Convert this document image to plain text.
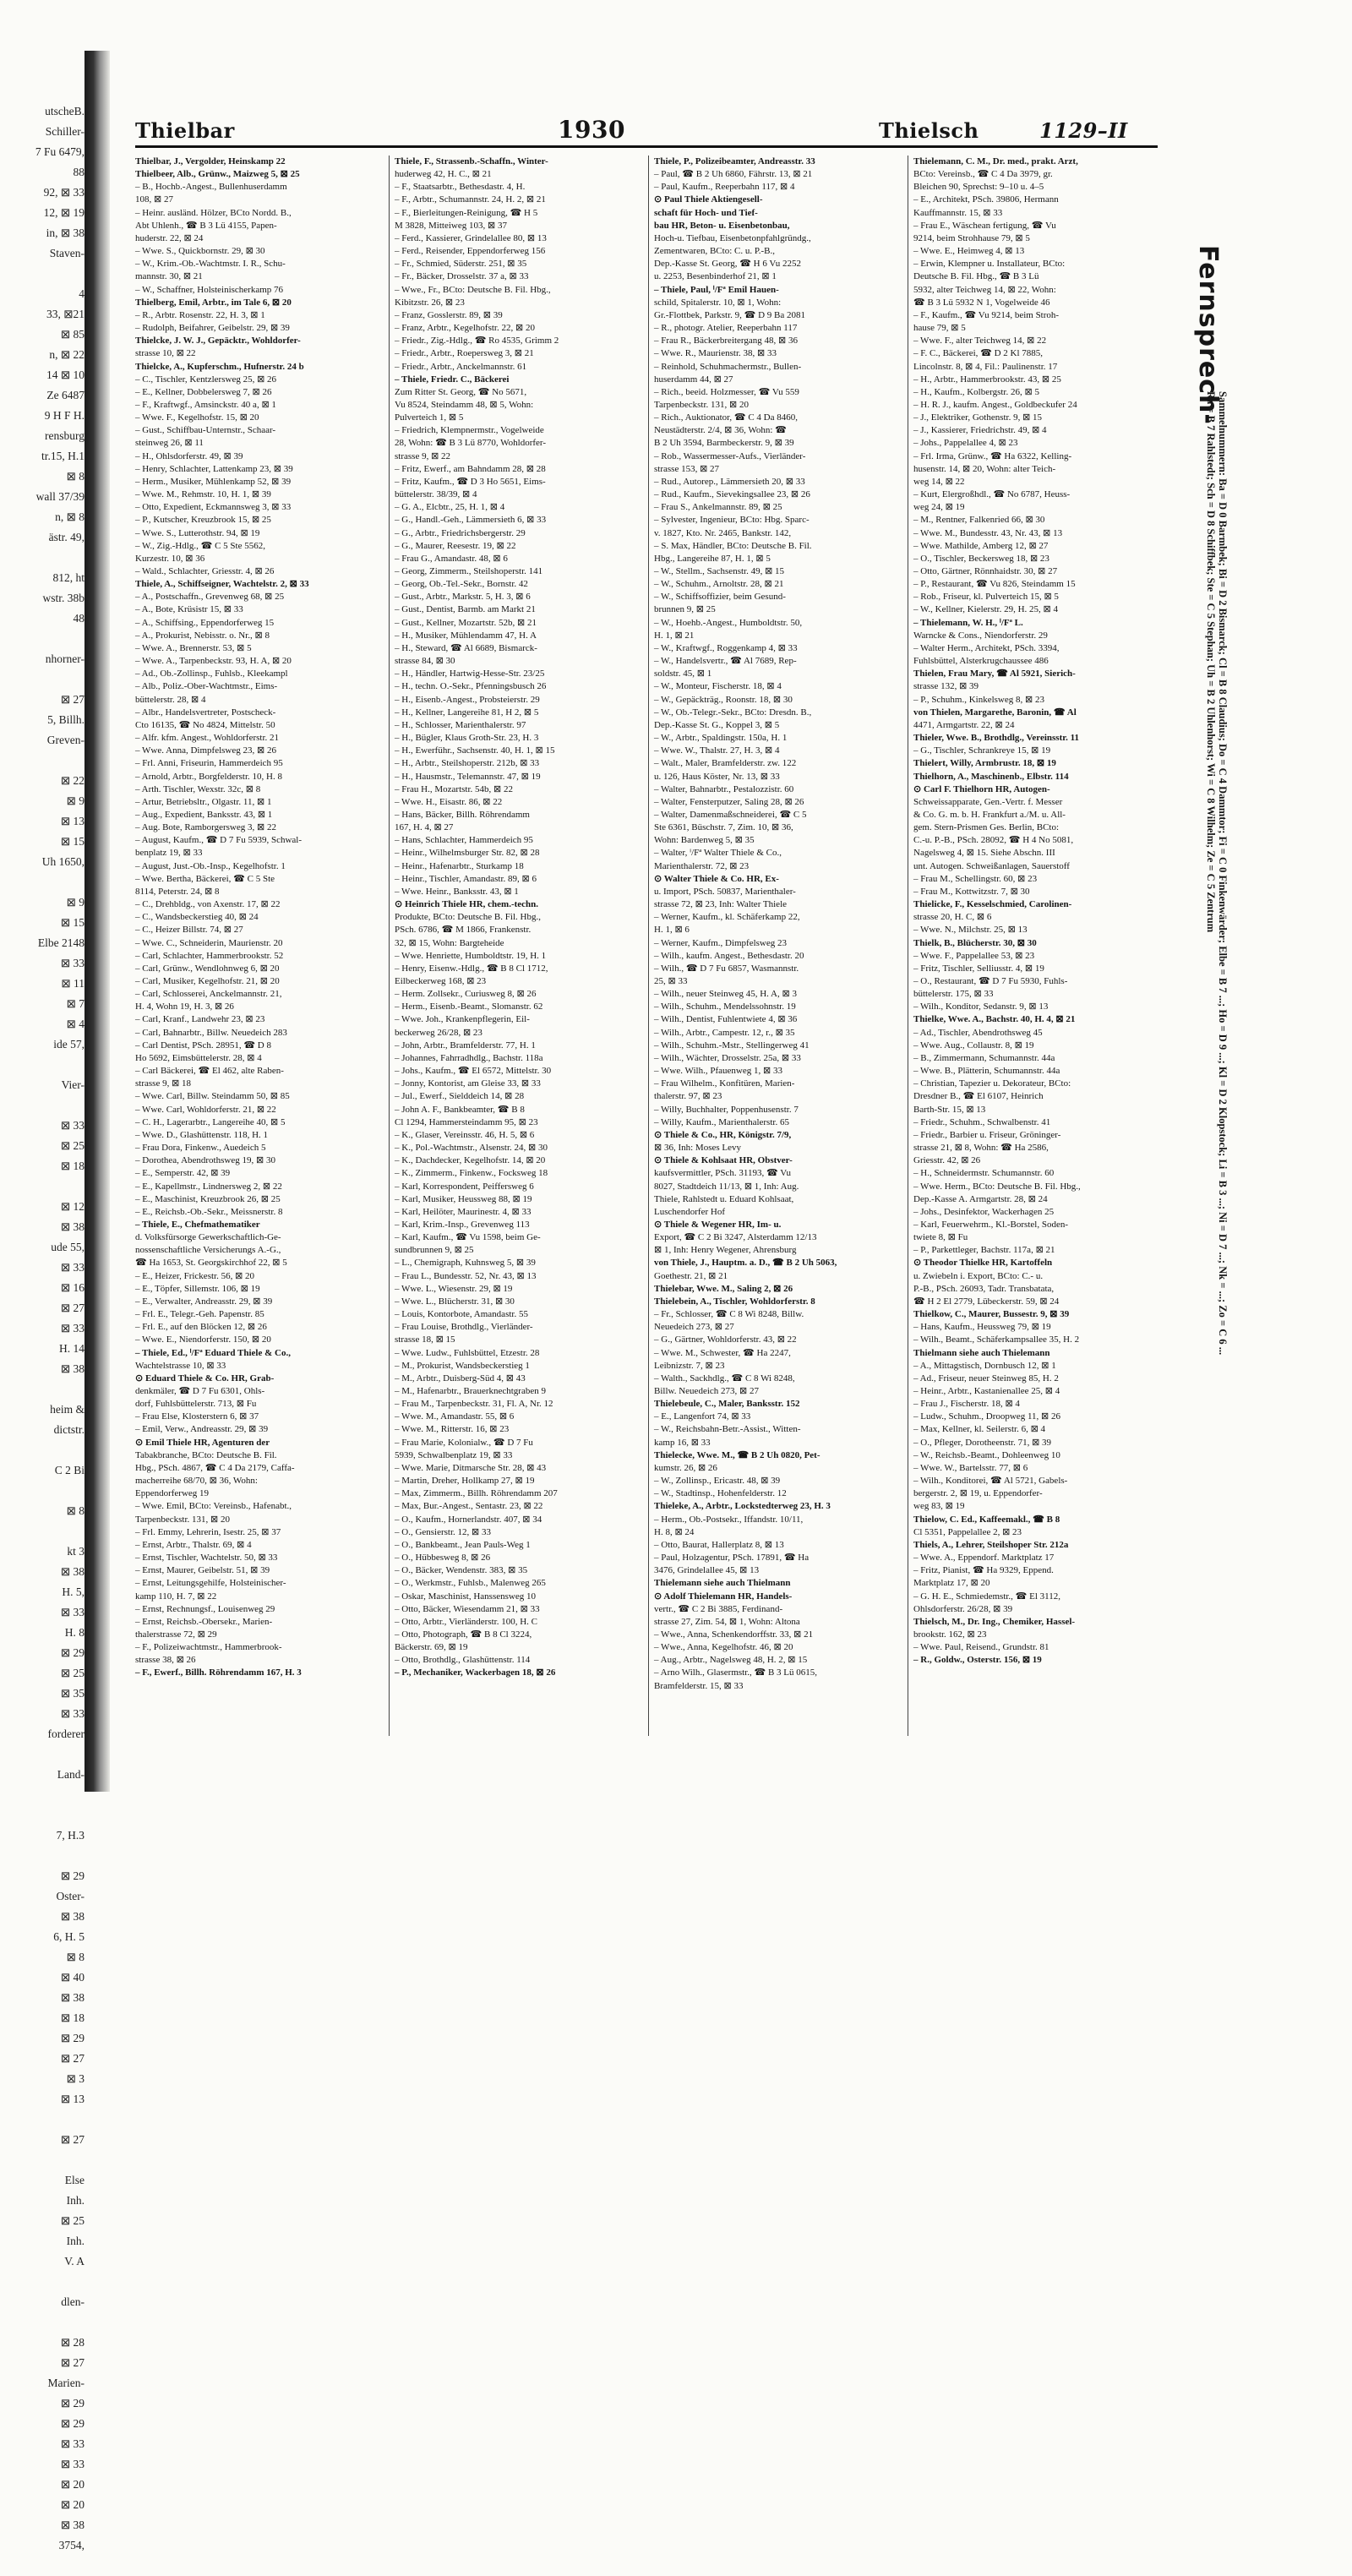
utscheB.
Schiller-
7 Fu 6479,
88
92, ⊠ 33
12, ⊠ 19
in, ⊠ 38
Staven-

4
33, ⊠21
⊠ 85
n, ⊠ 22
14 ⊠ 10
Ze 6487
9 H F H.
rensburg
tr.15, H.1
⊠ 8
wall 37/39
n, ⊠ 8
ästr. 49,

812, ht
wstr. 38b
48

nhorner-

⊠ 27
5, Billh.
Greven-

⊠ 22
⊠ 9
⊠ 13
⊠ 15
Uh 1650,

⊠ 9
⊠ 15
Elbe 2148
⊠ 33
⊠ 11
⊠ 7
⊠ 4
ide 57,

Vier-

⊠ 33
⊠ 25
⊠ 18

⊠ 12
⊠ 38
ude 55,
⊠ 33
⊠ 16
⊠ 27
⊠ 33
H. 14
⊠ 38

heim &
dictstr.

C 2 Bi

⊠ 8

kt 3
⊠ 38
H. 5,
⊠ 33
H. 8
⊠ 29
⊠ 25
⊠ 35
⊠ 33
forderer

Land-

7, H.3

⊠ 29
Oster-
⊠ 38
6, H. 5
⊠ 8
⊠ 40
⊠ 38
⊠ 18
⊠ 29
⊠ 27
⊠ 3
⊠ 13

⊠ 27

Else
Inh.
⊠ 25
Inh.
V. A

dlen-

⊠ 28
⊠ 27
Marien-
⊠ 29
⊠ 29
⊠ 33
⊠ 33
⊠ 20
⊠ 20
⊠ 38
3754,

Thielbar	1930	Thielsch	1129–II
Thielbar, J., Vergolder, Heinskamp 22
Thielbeer, Alb., Grünw., Maizweg 5, ⊠ 25
– B., Hochb.-Angest., Bullenhuserdamm
108, ⊠ 27
– Heinr. ausländ. Hölzer, BCto Nordd. B.,
Abt Uhlenh., ☎ B 3 Lü 4155, Papen-
huderstr. 22, ⊠ 24
– Wwe. S., Quickbornstr. 29, ⊠ 30
– W., Krim.-Ob.-Wachtmstr. I. R., Schu-
mannstr. 30, ⊠ 21
– W., Schaffner, Holsteinischerkamp 76
Thielberg, Emil, Arbtr., im Tale 6, ⊠ 20
– R., Arbtr. Rosenstr. 22, H. 3, ⊠ 1
– Rudolph, Beifahrer, Geibelstr. 29, ⊠ 39
Thielcke, J. W. J., Gepäcktr., Wohldorfer-
strasse 10, ⊠ 22
Thielcke, A., Kupferschm., Hufnerstr. 24 b
– C., Tischler, Kentzlersweg 25, ⊠ 26
– E., Kellner, Dobbelersweg 7, ⊠ 26
– F., Kraftwgf., Amsinckstr. 40 a, ⊠ 1
– Wwe. F., Kegelhofstr. 15, ⊠ 20
– Gust., Schiffbau-Unternstr., Schaar-
steinweg 26, ⊠ 11
– H., Ohlsdorferstr. 49, ⊠ 39
– Henry, Schlachter, Lattenkamp 23, ⊠ 39
– Herm., Musiker, Mühlenkamp 52, ⊠ 39
– Wwe. M., Rehmstr. 10, H. 1, ⊠ 39
– Otto, Expedient, Eckmannsweg 3, ⊠ 33
– P., Kutscher, Kreuzbrook 15, ⊠ 25
– Wwe. S., Lutterothstr. 94, ⊠ 19
– W., Zig.-Hdlg., ☎ C 5 Ste 5562,
Kurzestr. 10, ⊠ 36
– Wald., Schlachter, Griesstr. 4, ⊠ 26
Thiele, A., Schiffseigner, Wachtelstr. 2, ⊠ 33
– A., Postschaffn., Grevenweg 68, ⊠ 25
– A., Bote, Krüsistr 15, ⊠ 33
– A., Schiffsing., Eppendorferweg 15
– A., Prokurist, Nebisstr. o. Nr., ⊠ 8
– Wwe. A., Brennerstr. 53, ⊠ 5
– Wwe. A., Tarpenbeckstr. 93, H. A, ⊠ 20
– Ad., Ob.-Zollinsp., Fuhlsb., Kleekampl
– Alb., Poliz.-Ober-Wachtmstr., Eims-
büttelerstr. 28, ⊠ 4
– Albr., Handelsvertreter, Postscheck-
Cto 16135, ☎ No 4824, Mittelstr. 50
– Alfr. kfm. Angest., Wohldorferstr. 21
– Wwe. Anna, Dimpfelsweg 23, ⊠ 26
– Frl. Anni, Friseurin, Hammerdeich 95
– Arnold, Arbtr., Borgfelderstr. 10, H. 8
– Arth. Tischler, Wexstr. 32c, ⊠ 8
– Artur, Betriebsltr., Olgastr. 11, ⊠ 1
– Aug., Expedient, Banksstr. 43, ⊠ 1
– Aug. Bote, Ramborgersweg 3, ⊠ 22
– August, Kaufm., ☎ D 7 Fu 5939, Schwal-
benplatz 19, ⊠ 33
– August, Just.-Ob.-Insp., Kegelhofstr. 1
– Wwe. Bertha, Bäckerei, ☎ C 5 Ste
8114, Peterstr. 24, ⊠ 8
– C., Drehbldg., von Axenstr. 17, ⊠ 22
– C., Wandsbeckerstieg 40, ⊠ 24
– C., Heizer Billstr. 74, ⊠ 27
– Wwe. C., Schneiderin, Maurienstr. 20
– Carl, Schlachter, Hammerbrookstr. 52
– Carl, Grünw., Wendlohnweg 6, ⊠ 20
– Carl, Musiker, Kegelhofstr. 21, ⊠ 20
– Carl, Schlosserei, Anckelmannstr. 21,
H. 4, Wohn 19, H. 3, ⊠ 26
– Carl, Kranf., Landwehr 23, ⊠ 23
– Carl, Bahnarbtr., Billw. Neuedeich 283
– Carl Dentist, PSch. 28951, ☎ D 8
Ho 5692, Eimsbüttelerstr. 28, ⊠ 4
– Carl Bäckerei, ☎ El 462, alte Raben-
strasse 9, ⊠ 18
– Wwe. Carl, Billw. Steindamm 50, ⊠ 85
– Wwe. Carl, Wohldorferstr. 21, ⊠ 22
– C. H., Lagerarbtr., Langereihe 40, ⊠ 5
– Wwe. D., Glashüttenstr. 118, H. 1
– Frau Dora, Finkenw., Auedeich 5
– Dorothea, Abendrothsweg 19, ⊠ 30
– E., Semperstr. 42, ⊠ 39
– E., Kapellmstr., Lindnersweg 2, ⊠ 22
– E., Maschinist, Kreuzbrook 26, ⊠ 25
– E., Reichsb.-Ob.-Sekr., Meissnerstr. 8
– Thiele, E., Chefmathematiker
d. Volksfürsorge Gewerkschaftlich-Ge-
nossenschaftliche Versicherungs A.-G.,
☎ Ha 1653, St. Georgskirchhof 22, ⊠ 5
– E., Heizer, Frickestr. 56, ⊠ 20
– E., Töpfer, Sillemstr. 106, ⊠ 19
– E., Verwalter, Andreasstr. 29, ⊠ 39
– Frl. E., Telegr.-Geh. Papenstr. 85
– Frl. E., auf den Blöcken 12, ⊠ 26
– Wwe. E., Niendorferstr. 150, ⊠ 20
– Thiele, Ed., ⁱ/Fª Eduard Thiele & Co.,
Wachtelstrasse 10, ⊠ 33
⊙ Eduard Thiele & Co. HR, Grab-
denkmäler, ☎ D 7 Fu 6301, Ohls-
dorf, Fuhlsbüttelerstr. 713, ⊠ Fu
– Frau Else, Klosterstern 6, ⊠ 37
– Emil, Verw., Andreasstr. 29, ⊠ 39
⊙ Emil Thiele HR, Agenturen der
Tabakbranche, BCto: Deutsche B. Fil.
Hbg., PSch. 4867, ☎ C 4 Da 2179, Caffa-
macherreihe 68/70, ⊠ 36, Wohn:
Eppendorferweg 19
– Wwe. Emil, BCto: Vereinsb., Hafenabt.,
Tarpenbeckstr. 131, ⊠ 20
– Frl. Emmy, Lehrerin, Isestr. 25, ⊠ 37
– Ernst, Arbtr., Thalstr. 69, ⊠ 4
– Ernst, Tischler, Wachtelstr. 50, ⊠ 33
– Ernst, Maurer, Geibelstr. 51, ⊠ 39
– Ernst, Leitungsgehilfe, Holsteinischer-
kamp 110, H. 7, ⊠ 22
– Ernst, Rechnungsf., Louisenweg 29
– Ernst, Reichsb.-Obersekr., Marien-
thalerstrasse 72, ⊠ 29
– F., Polizeiwachtmstr., Hammerbrook-
strasse 38, ⊠ 26
– F., Ewerf., Billh. Röhrendamm 167, H. 3
Thiele, F., Strassenb.-Schaffn., Winter-
huderweg 42, H. C., ⊠ 21
– F., Staatsarbtr., Bethesdastr. 4, H.
– F., Arbtr., Schumannstr. 24, H. 2, ⊠ 21
– F., Bierleitungen-Reinigung, ☎ H 5
M 3828, Mitteiweg 103, ⊠ 37
– Ferd., Kassierer, Grindelallee 80, ⊠ 13
– Ferd., Reisender, Eppendorferweg 156
– Fr., Schmied, Süderstr. 251, ⊠ 35
– Fr., Bäcker, Drosselstr. 37 a, ⊠ 33
– Wwe., Fr., BCto: Deutsche B. Fil. Hbg.,
Kibitzstr. 26, ⊠ 23
– Franz, Gosslerstr. 89, ⊠ 39
– Franz, Arbtr., Kegelhofstr. 22, ⊠ 20
– Friedr., Zig.-Hdlg., ☎ Ro 4535, Grimm 2
– Friedr., Arbtr., Roepersweg 3, ⊠ 21
– Friedr., Arbtr., Anckelmannstr. 61
– Thiele, Friedr. C., Bäckerei
Zum Ritter St. Georg, ☎ No 5671,
Vu 8524, Steindamm 48, ⊠ 5, Wohn:
Pulverteich 1, ⊠ 5
– Friedrich, Klempnermstr., Vogelweide
28, Wohn: ☎ B 3 Lü 8770, Wohldorfer-
strasse 9, ⊠ 22
– Fritz, Ewerf., am Bahndamm 28, ⊠ 28
– Fritz, Kaufm., ☎ D 3 Ho 5651, Eims-
büttelerstr. 38/39, ⊠ 4
– G. A., Elcbtr., 25, H. 1, ⊠ 4
– G., Handl.-Geh., Lämmersieth 6, ⊠ 33
– G., Arbtr., Friedrichsbergerstr. 29
– G., Maurer, Reesestr. 19, ⊠ 22
– Frau G., Amandastr. 48, ⊠ 6
– Georg, Zimmerm., Steilshoperstr. 141
– Georg, Ob.-Tel.-Sekr., Bornstr. 42
– Gust., Arbtr., Markstr. 5, H. 3, ⊠ 6
– Gust., Dentist, Barmb. am Markt 21
– Gust., Kellner, Mozartstr. 52b, ⊠ 21
– H., Musiker, Mühlendamm 47, H. A
– H., Steward, ☎ Al 6689, Bismarck-
strasse 84, ⊠ 30
– H., Händler, Hartwig-Hesse-Str. 23/25
– H., techn. O.-Sekr., Pfenningsbusch 26
– H., Eisenb.-Angest., Probsteierstr. 29
– H., Kellner, Langereihe 81, H 2, ⊠ 5
– H., Schlosser, Marienthalerstr. 97
– H., Bügler, Klaus Groth-Str. 23, H. 3
– H., Ewerführ., Sachsenstr. 40, H. 1, ⊠ 15
– H., Arbtr., Steilshoperstr. 212b, ⊠ 33
– H., Hausmstr., Telemannstr. 47, ⊠ 19
– Frau H., Mozartstr. 54b, ⊠ 22
– Wwe. H., Eisastr. 86, ⊠ 22
– Hans, Bäcker, Billh. Röhrendamm
167, H. 4, ⊠ 27
– Hans, Schlachter, Hammerdeich 95
– Heinr., Wilhelmsburger Str. 82, ⊠ 28
– Heinr., Hafenarbtr., Sturkamp 18
– Heinr., Tischler, Amandastr. 89, ⊠ 6
– Wwe. Heinr., Banksstr. 43, ⊠ 1
⊙ Heinrich Thiele HR, chem.-techn.
Produkte, BCto: Deutsche B. Fil. Hbg.,
PSch. 6786, ☎ M 1866, Frankenstr.
32, ⊠ 15, Wohn: Bargteheide
– Wwe. Henriette, Humboldtstr. 19, H. 1
– Henry, Eisenw.-Hdlg., ☎ B 8 Cl 1712,
Eilbeckerweg 168, ⊠ 23
– Herm. Zollsekr., Curiusweg 8, ⊠ 26
– Herm., Eisenb.-Beamt., Slomanstr. 62
– Wwe. Joh., Krankenpflegerin, Eil-
beckerweg 26/28, ⊠ 23
– John, Arbtr., Bramfelderstr. 77, H. 1
– Johannes, Fahrradhdlg., Bachstr. 118a
– Johs., Kaufm., ☎ El 6572, Mittelstr. 30
– Jonny, Kontorist, am Gleise 33, ⊠ 33
– Jul., Ewerf., Sielddeich 14, ⊠ 28
– John A. F., Bankbeamter, ☎ B 8
Cl 1294, Hammersteindamm 95, ⊠ 23
– K., Glaser, Vereinsstr. 46, H. 5, ⊠ 6
– K., Pol.-Wachtmstr., Alsenstr. 24, ⊠ 30
– K., Dachdecker, Kegelhofstr. 14, ⊠ 20
– K., Zimmerm., Finkenw., Focksweg 18
– Karl, Korrespondent, Peiffersweg 6
– Karl, Musiker, Heussweg 88, ⊠ 19
– Karl, Heilöter, Maurinestr. 4, ⊠ 33
– Karl, Krim.-Insp., Grevenweg 113
– Karl, Kaufm., ☎ Vu 1598, beim Ge-
sundbrunnen 9, ⊠ 25
– L., Chemigraph, Kuhnsweg 5, ⊠ 39
– Frau L., Bundesstr. 52, Nr. 43, ⊠ 13
– Wwe. L., Wiesenstr. 29, ⊠ 19
– Wwe. L., Blücherstr. 31, ⊠ 30
– Louis, Kontorbote, Amandastr. 55
– Frau Louise, Brothdlg., Vierländer-
strasse 18, ⊠ 15
– Wwe. Ludw., Fuhlsbüttel, Etzestr. 28
– M., Prokurist, Wandsbeckerstieg 1
– M., Arbtr., Duisberg-Süd 4, ⊠ 43
– M., Hafenarbtr., Brauerknechtgraben 9
– Frau M., Tarpenbeckstr. 31, Fl. A, Nr. 12
– Wwe. M., Amandastr. 55, ⊠ 6
– Wwe. M., Ritterstr. 16, ⊠ 23
– Frau Marie, Kolonialw., ☎ D 7 Fu
5939, Schwalbenplatz 19, ⊠ 33
– Wwe. Marie, Ditmarsche Str. 28, ⊠ 43
– Martin, Dreher, Hollkamp 27, ⊠ 19
– Max, Zimmerm., Billh. Röhrendamm 207
– Max, Bur.-Angest., Sentastr. 23, ⊠ 22
– O., Kaufm., Hornerlandstr. 407, ⊠ 34
– O., Gensierstr. 12, ⊠ 33
– O., Bankbeamt., Jean Pauls-Weg 1
– O., Hübbesweg 8, ⊠ 26
– O., Bäcker, Wendenstr. 383, ⊠ 35
– O., Werkmstr., Fuhlsb., Malenweg 265
– Oskar, Maschinist, Hanssensweg 10
– Otto, Bäcker, Wiesendamm 21, ⊠ 33
– Otto, Arbtr., Vierländerstr. 100, H. C
– Otto, Photograph, ☎ B 8 Cl 3224,
Bäckerstr. 69, ⊠ 19
– Otto, Brothdlg., Glashüttenstr. 114
– P., Mechaniker, Wackerbagen 18, ⊠ 26
Thiele, P., Polizeibeamter, Andreasstr. 33
– Paul, ☎ B 2 Uh 6860, Fährstr. 13, ⊠ 21
– Paul, Kaufm., Reeperbahn 117, ⊠ 4
⊙ Paul Thiele Aktiengesell-
schaft für Hoch- und Tief-
bau HR, Beton- u. Eisenbetonbau,
Hoch-u. Tiefbau, Eisenbetonpfahlgründg.,
Zementwaren, BCto: C. u. P.-B.,
Dep.-Kasse St. Georg, ☎ H 6 Vu 2252
u. 2253, Besenbinderhof 21, ⊠ 1
– Thiele, Paul, ⁱ/Fª Emil Hauen-
schild, Spitalerstr. 10, ⊠ 1, Wohn:
Gr.-Flottbek, Parkstr. 9, ☎ D 9 Ba 2081
– R., photogr. Atelier, Reeperbahn 117
– Frau R., Bäckerbreitergang 48, ⊠ 36
– Wwe. R., Maurienstr. 38, ⊠ 33
– Reinhold, Schuhmachermstr., Bullen-
huserdamm 44, ⊠ 27
– Rich., beeid. Holzmesser, ☎ Vu 559
Tarpenbeckstr. 131, ⊠ 20
– Rich., Auktionator, ☎ C 4 Da 8460,
Neustädterstr. 2/4, ⊠ 36, Wohn: ☎
B 2 Uh 3594, Barmbeckerstr. 9, ⊠ 39
– Rob., Wassermesser-Aufs., Vierländer-
strasse 153, ⊠ 27
– Rud., Autorep., Lämmersieth 20, ⊠ 33
– Rud., Kaufm., Sievekingsallee 23, ⊠ 26
– Frau S., Ankelmannstr. 89, ⊠ 25
– Sylvester, Ingenieur, BCto: Hbg. Sparc-
v. 1827, Kto. Nr. 2465, Bankstr. 142,
– S. Max, Händler, BCto: Deutsche B. Fil.
Hbg., Langereihe 87, H. 1, ⊠ 5
– W., Stellm., Sachsenstr. 49, ⊠ 15
– W., Schuhm., Arnoltstr. 28, ⊠ 21
– W., Schiffsoffizier, beim Gesund-
brunnen 9, ⊠ 25
– W., Hoehb.-Angest., Humboldtstr. 50,
H. 1, ⊠ 21
– W., Kraftwgf., Roggenkamp 4, ⊠ 33
– W., Handelsvertr., ☎ Al 7689, Rep-
soldstr. 45, ⊠ 1
– W., Monteur, Fischerstr. 18, ⊠ 4
– W., Gepäckträg., Roonstr. 18, ⊠ 30
– W., Ob.-Telegr.-Sekr., BCto: Dresdn. B.,
Dep.-Kasse St. G., Koppel 3, ⊠ 5
– W., Arbtr., Spaldingstr. 150a, H. 1
– Wwe. W., Thalstr. 27, H. 3, ⊠ 4
– Walt., Maler, Bramfelderstr. zw. 122
u. 126, Haus Köster, Nr. 13, ⊠ 33
– Walter, Bahnarbtr., Pestalozzistr. 60
– Walter, Fensterputzer, Saling 28, ⊠ 26
– Walter, Damenmaßschneiderei, ☎ C 5
Ste 6361, Büschstr. 7, Zim. 10, ⊠ 36,
Wohn: Bardenweg 5, ⊠ 35
– Walter, ⁱ/Fª Walter Thiele & Co.,
Marienthalerstr. 72, ⊠ 23
⊙ Walter Thiele & Co. HR, Ex-
u. Import, PSch. 50837, Marienthaler-
strasse 72, ⊠ 23, Inh: Walter Thiele
– Werner, Kaufm., kl. Schäferkamp 22,
H. 1, ⊠ 6
– Werner, Kaufm., Dimpfelsweg 23
– Wilh., kaufm. Angest., Bethesdastr. 20
– Wilh., ☎ D 7 Fu 6857, Wasmannstr.
25, ⊠ 33
– Wilh., neuer Steinweg 45, H. A, ⊠ 3
– Wilh., Schuhm., Mendelssohnstr. 19
– Wilh., Dentist, Fuhlentwiete 4, ⊠ 36
– Wilh., Arbtr., Campestr. 12, r., ⊠ 35
– Wilh., Schuhm.-Mstr., Stellingerweg 41
– Wilh., Wächter, Drosselstr. 25a, ⊠ 33
– Wwe. Wilh., Pfauenweg 1, ⊠ 33
– Frau Wilhelm., Konfitüren, Marien-
thalerstr. 97, ⊠ 23
– Willy, Buchhalter, Poppenhusenstr. 7
– Willy, Kaufm., Marienthalerstr. 65
⊙ Thiele & Co., HR, Königstr. 7/9,
⊠ 36, Inh: Moses Levy
⊙ Thiele & Kohlsaat HR, Obstver-
kaufsvermittler, PSch. 31193, ☎ Vu
8027, Stadtdeich 11/13, ⊠ 1, Inh: Aug.
Thiele, Rahlstedt u. Eduard Kohlsaat,
Luschendorfer Hof
⊙ Thiele & Wegener HR, Im- u.
Export, ☎ C 2 Bi 3247, Alsterdamm 12/13
⊠ 1, Inh: Henry Wegener, Ahrensburg
von Thiele, J., Hauptm. a. D., ☎ B 2 Uh 5063,
Goethestr. 21, ⊠ 21
Thielebar, Wwe. M., Saling 2, ⊠ 26
Thielebein, A., Tischler, Wohldorferstr. 8
– Fr., Schlosser, ☎ C 8 Wi 8248, Billw.
Neuedeich 273, ⊠ 27
– G., Gärtner, Wohldorferstr. 43, ⊠ 22
– Wwe. M., Schwester, ☎ Ha 2247,
Leibnizstr. 7, ⊠ 23
– Walth., Sackhdlg., ☎ C 8 Wi 8248,
Billw. Neuedeich 273, ⊠ 27
Thielebeule, C., Maler, Banksstr. 152
– E., Langenfort 74, ⊠ 33
– W., Reichsbahn-Betr.-Assist., Witten-
kamp 16, ⊠ 33
Thielecke, Wwe. M., ☎ B 2 Uh 0820, Pet-
kumstr. 26, ⊠ 26
– W., Zollinsp., Ericastr. 48, ⊠ 39
– W., Stadtinsp., Hohenfelderstr. 12
Thieleke, A., Arbtr., Lockstedterweg 23, H. 3
– Herm., Ob.-Postsekr., Iffandstr. 10/11,
H. 8, ⊠ 24
– Otto, Baurat, Hallerplatz 8, ⊠ 13
– Paul, Holzagentur, PSch. 17891, ☎ Ha
3476, Grindelallee 45, ⊠ 13
Thielemann siehe auch Thielmann
⊙ Adolf Thielemann HR, Handels-
vertr., ☎ C 2 Bi 3885, Ferdinand-
strasse 27, Zim. 54, ⊠ 1, Wohn: Altona
– Wwe., Anna, Schenkendorffstr. 33, ⊠ 21
– Wwe., Anna, Kegelhofstr. 46, ⊠ 20
– Aug., Arbtr., Nagelsweg 48, H. 2, ⊠ 15
– Arno Wilh., Glasermstr., ☎ B 3 Lü 0615,
Bramfelderstr. 15, ⊠ 33
Thielemann, C. M., Dr. med., prakt. Arzt,
BCto: Vereinsb., ☎ C 4 Da 3979, gr.
Bleichen 90, Sprechst: 9–10 u. 4–5
– E., Architekt, PSch. 39806, Hermann
Kauffmannstr. 15, ⊠ 33
– Frau E., Wäschean fertigung, ☎ Vu
9214, beim Strohhause 79, ⊠ 5
– Wwe. E., Heimweg 4, ⊠ 13
– Erwin, Klempner u. Installateur, BCto:
Deutsche B. Fil. Hbg., ☎ B 3 Lü
5932, alter Teichweg 14, ⊠ 22, Wohn:
☎ B 3 Lü 5932 N 1, Vogelweide 46
– F., Kaufm., ☎ Vu 9214, beim Stroh-
hause 79, ⊠ 5
– Wwe. F., alter Teichweg 14, ⊠ 22
– F. C., Bäckerei, ☎ D 2 Kl 7885,
Lincolnstr. 8, ⊠ 4, Fil.: Paulinenstr. 17
– H., Arbtr., Hammerbrookstr. 43, ⊠ 25
– H., Kaufm., Kolbergstr. 26, ⊠ 5
– H. R. J., kaufm. Angest., Goldbeckufer 24
– J., Elektriker, Gothenstr. 9, ⊠ 15
– J., Kassierer, Friedrichstr. 49, ⊠ 4
– Johs., Pappelallee 4, ⊠ 23
– Frl. Irma, Grünw., ☎ Ha 6322, Kelling-
husenstr. 14, ⊠ 20, Wohn: alter Teich-
weg 14, ⊠ 22
– Kurt, Elergroßhdl., ☎ No 6787, Heuss-
weg 24, ⊠ 19
– M., Rentner, Falkenried 66, ⊠ 30
– Wwe. M., Bundesstr. 43, Nr. 43, ⊠ 13
– Wwe. Mathilde, Amberg 12, ⊠ 27
– O., Tischler, Beckersweg 18, ⊠ 23
– Otto, Gärtner, Rönnhaidstr. 30, ⊠ 27
– P., Restaurant, ☎ Vu 826, Steindamm 15
– Rob., Friseur, kl. Pulverteich 15, ⊠ 5
– W., Kellner, Kielerstr. 29, H. 25, ⊠ 4
– Thielemann, W. H., ⁱ/Fª L.
Warncke & Cons., Niendorferstr. 29
– Walter Herm., Architekt, PSch. 3394,
Fuhlsbüttel, Alsterkrugchaussee 486
Thielen, Frau Mary, ☎ Al 5921, Sierich-
strasse 132, ⊠ 39
– P., Schuhm., Kinkelsweg 8, ⊠ 23
von Thielen, Margarethe, Baronin, ☎ Al
4471, Armgartstr. 22, ⊠ 24
Thieler, Wwe. B., Brothdlg., Vereinsstr. 11
– G., Tischler, Schrankreye 15, ⊠ 19
Thielert, Willy, Armbrustr. 18, ⊠ 19
Thielhorn, A., Maschinenb., Elbstr. 114
⊙ Carl F. Thielhorn HR, Autogen-
Schweissapparate, Gen.-Vertr. f. Messer
& Co. G. m. b. H. Frankfurt a./M. u. All-
gem. Stern-Prismen Ges. Berlin, BCto:
C.-u. P.-B., PSch. 28092, ☎ H 4 No 5081,
Nagelsweg 4, ⊠ 15. Siehe Abschn. III
unt. Autogen. Schweißanlagen, Sauerstoff
– Frau M., Schellingstr. 60, ⊠ 23
– Frau M., Kottwitzstr. 7, ⊠ 30
Thielicke, F., Kesselschmied, Carolinen-
strasse 20, H. C, ⊠ 6
– Wwe. N., Milchstr. 25, ⊠ 13
Thielk, B., Blücherstr. 30, ⊠ 30
– Wwe. F., Pappelallee 53, ⊠ 23
– Fritz, Tischler, Selliusstr. 4, ⊠ 19
– O., Restaurant, ☎ D 7 Fu 5930, Fuhls-
büttelerstr. 175, ⊠ 33
– Wilh., Konditor, Sedanstr. 9, ⊠ 13
Thielke, Wwe. A., Bachstr. 40, H. 4, ⊠ 21
– Ad., Tischler, Abendrothsweg 45
– Wwe. Aug., Collaustr. 8, ⊠ 19
– B., Zimmermann, Schumannstr. 44a
– Wwe. B., Plätterin, Schumannstr. 44a
– Christian, Tapezier u. Dekorateur, BCto:
Dresdner B., ☎ El 6107, Heinrich
Barth-Str. 15, ⊠ 13
– Friedr., Schuhm., Schwalbenstr. 41
– Friedr., Barbier u. Friseur, Gröninger-
strasse 21, ⊠ 8, Wohn: ☎ Ha 2586,
Griesstr. 42, ⊠ 26
– H., Schneidermstr. Schumannstr. 60
– Wwe. Herm., BCto: Deutsche B. Fil. Hbg.,
Dep.-Kasse A. Armgartstr. 28, ⊠ 24
– Johs., Desinfektor, Wackerhagen 25
– Karl, Feuerwehrm., Kl.-Borstel, Soden-
twiete 8, ⊠ Fu
– P., Parkettleger, Bachstr. 117a, ⊠ 21
⊙ Theodor Thielke HR, Kartoffeln
u. Zwiebeln i. Export, BCto: C.- u.
P.-B., PSch. 26093, Tadr. Transbatata,
☎ H 2 El 2779, Lübeckerstr. 59, ⊠ 24
Thielkow, C., Maurer, Bussestr. 9, ⊠ 39
– Hans, Kaufm., Heussweg 79, ⊠ 19
– Wilh., Beamt., Schäferkampsallee 35, H. 2
Thielmann siehe auch Thielemann
– A., Mittagstisch, Dornbusch 12, ⊠ 1
– Ad., Friseur, neuer Steinweg 85, H. 2
– Heinr., Arbtr., Kastanienallee 25, ⊠ 4
– Frau J., Fischerstr. 18, ⊠ 4
– Ludw., Schuhm., Droopweg 11, ⊠ 26
– Max, Kellner, kl. Seilerstr. 6, ⊠ 4
– O., Pfleger, Dorotheenstr. 71, ⊠ 39
– W., Reichsb.-Beamt., Dohleenweg 10
– Wwe. W., Bartelsstr. 77, ⊠ 6
– Wilh., Konditorei, ☎ Al 5721, Gabels-
bergerstr. 2, ⊠ 19, u. Eppendorfer-
weg 83, ⊠ 19
Thielow, C. Ed., Kaffeemakl., ☎ B 8
Cl 5351, Pappelallee 2, ⊠ 23
Thiels, A., Lehrer, Steilshoper Str. 212a
– Wwe. A., Eppendorf. Marktplatz 17
– Fritz, Pianist, ☎ Ha 9329, Eppend.
Marktplatz 17, ⊠ 20
– G. H. E., Schmiedemstr., ☎ El 3112,
Ohlsdorferstr. 26/28, ⊠ 39
Thielsch, M., Dr. Ing., Chemiker, Hassel-
brookstr. 162, ⊠ 23
– Wwe. Paul, Reisend., Grundstr. 81
– R., Goldw., Osterstr. 156, ⊠ 19
Fernsprech-

Sammelnummern: Ba = D 0 Barmbek; Bi = D 2 Bismarck; Cl = B 8 Claudius; Do = C 4 Dammtor; Fi = C 0 Finkenwärder; Elbe = B 7 ...; Ho = D 9 ...; Kl = D 2 Klopstock; Li = B 3 ...; Ni = D 7 ...; Nk = ...; Zo = C 6 ...
Ra = B 7 Rahlstedt; Sch = D 8 Schiffbek; Ste = C 5 Stephan; Uh = B 2 Uhlenhorst; Wi = C 8 Wilhelm; Ze = C 5 Zentrum
